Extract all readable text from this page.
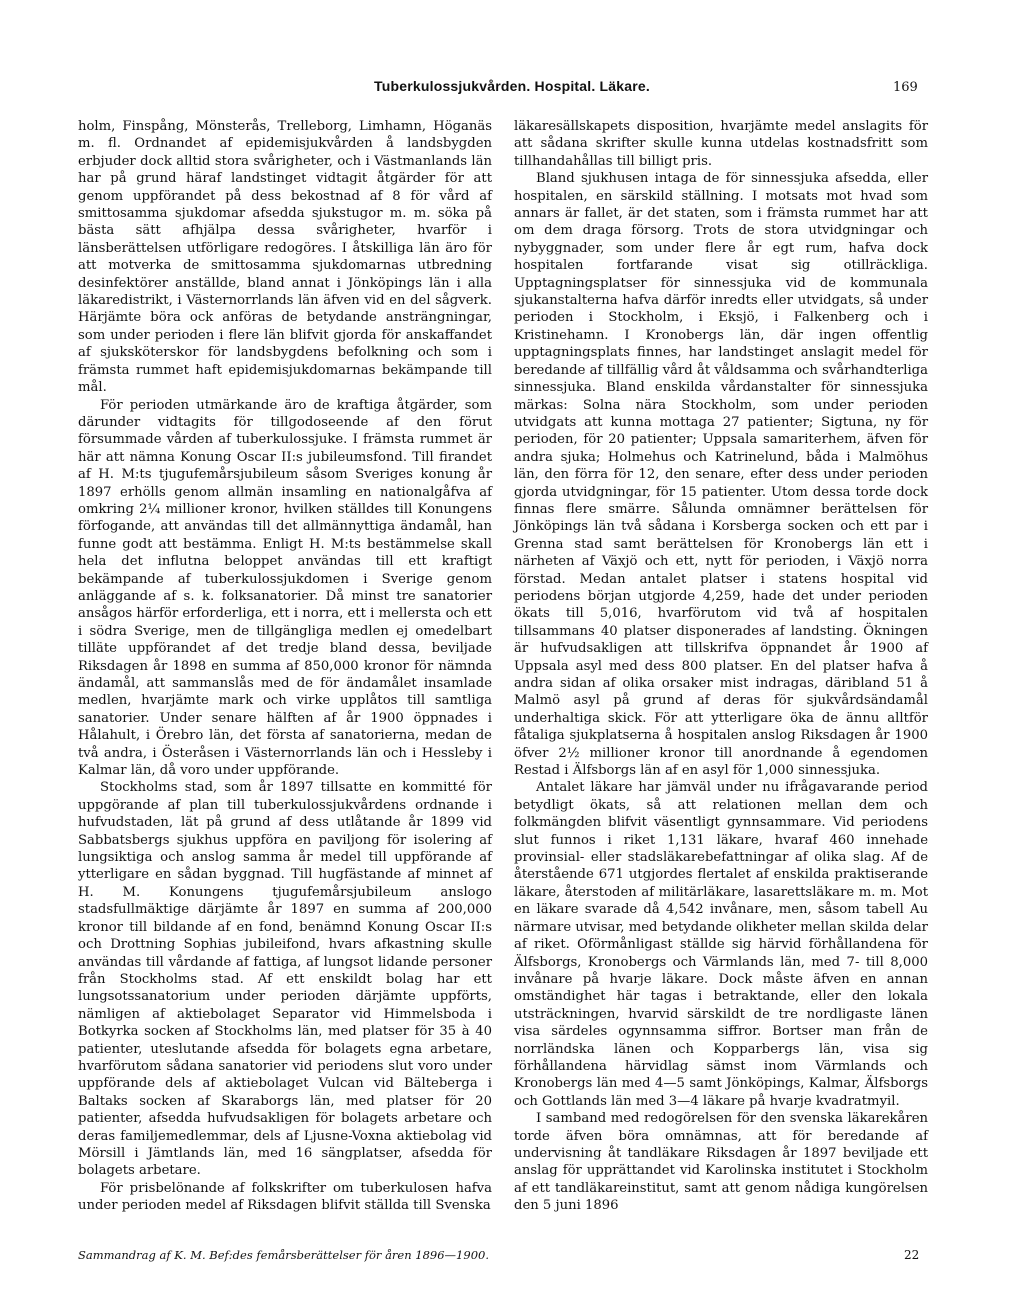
Tuberkulossjukvården. Hospital. Läkare.	169

holm, Finspång, Mönsterås, Trelleborg, Limhamn, Höganäs m. fl. Ordnandet af epidemisjukvården å landsbygden erbjuder dock alltid stora svårigheter, och i Västmanlands län har på grund häraf landstinget vidtagit åtgärder för att genom uppförandet på dess bekostnad af 8 för vård af smittosamma sjukdomar afsedda sjukstugor m. m. söka på bästa sätt afhjälpa dessa svårigheter, hvarför i länsberättelsen utförligare redogöres. I åtskilliga län äro för att motverka de smittosamma sjukdomarnas utbredning desinfektörer anställde, bland annat i Jönköpings län i alla läkaredistrikt, i Västernorrlands län äfven vid en del sågverk. Härjämte böra ock anföras de betydande ansträngningar, som under perioden i flere län blifvit gjorda för anskaffandet af sjuksköterskor för landsbygdens befolkning och som i främsta rummet haft epidemisjukdomarnas bekämpande till mål.

För perioden utmärkande äro de kraftiga åtgärder, som därunder vidtagits för tillgodoseende af den förut försummade vården af tuberkulossjuke. I främsta rummet är här att nämna Konung Oscar II:s jubileumsfond. Till firandet af H. M:ts tjugufemårsjubileum såsom Sveriges konung år 1897 erhölls genom allmän insamling en nationalgåfva af omkring 2¼ millioner kronor, hvilken ställdes till Konungens förfogande, att användas till det allmännyttiga ändamål, han funne godt att bestämma. Enligt H. M:ts bestämmelse skall hela det influtna beloppet användas till ett kraftigt bekämpande af tuberkulossjukdomen i Sverige genom anläggande af s. k. folksanatorier. Då minst tre sanatorier ansågos härför erforderliga, ett i norra, ett i mellersta och ett i södra Sverige, men de tillgängliga medlen ej omedelbart tilläte uppförandet af det tredje bland dessa, beviljade Riksdagen år 1898 en summa af 850,000 kronor för nämnda ändamål, att sammanslås med de för ändamålet insamlade medlen, hvarjämte mark och virke upplåtos till samtliga sanatorier. Under senare hälften af år 1900 öppnades i Hålahult, i Örebro län, det första af sanatorierna, medan de två andra, i Österåsen i Västernorrlands län och i Hessleby i Kalmar län, då voro under uppförande.

Stockholms stad, som år 1897 tillsatte en kommitté för uppgörande af plan till tuberkulossjukvårdens ordnande i hufvudstaden, lät på grund af dess utlåtande år 1899 vid Sabbatsbergs sjukhus uppföra en paviljong för isolering af lungsiktiga och anslog samma år medel till uppförande af ytterligare en sådan byggnad. Till hugfästande af minnet af H. M. Konungens tjugufemårsjubileum anslogo stadsfullmäktige därjämte år 1897 en summa af 200,000 kronor till bildande af en fond, benämnd Konung Oscar II:s och Drottning Sophias jubileifond, hvars afkastning skulle användas till vårdande af fattiga, af lungsot lidande personer från Stockholms stad. Af ett enskildt bolag har ett lungsotssanatorium under perioden därjämte uppförts, nämligen af aktiebolaget Separator vid Himmelsboda i Botkyrka socken af Stockholms län, med platser för 35 à 40 patienter, uteslutande afsedda för bolagets egna arbetare, hvarförutom sådana sanatorier vid periodens slut voro under uppförande dels af aktiebolaget Vulcan vid Bälteberga i Baltaks socken af Skaraborgs län, med platser för 20 patienter, afsedda hufvudsakligen för bolagets arbetare och deras familjemedlemmar, dels af Ljusne-Voxna aktiebolag vid Mörsill i Jämtlands län, med 16 sängplatser, afsedda för bolagets arbetare.

För prisbelönande af folkskrifter om tuberkulosen hafva under perioden medel af Riksdagen blifvit ställda till Svenska

läkaresällskapets disposition, hvarjämte medel anslagits för att sådana skrifter skulle kunna utdelas kostnadsfritt som tillhandahållas till billigt pris.

Bland sjukhusen intaga de för sinnessjuka afsedda, eller hospitalen, en särskild ställning. I motsats mot hvad som annars är fallet, är det staten, som i främsta rummet har att om dem draga försorg. Trots de stora utvidgningar och nybyggnader, som under flere år egt rum, hafva dock hospitalen fortfarande visat sig otillräckliga. Upptagningsplatser för sinnessjuka vid de kommunala sjukanstalterna hafva därför inredts eller utvidgats, så under perioden i Stockholm, i Eksjö, i Falkenberg och i Kristinehamn. I Kronobergs län, där ingen offentlig upptagningsplats finnes, har landstinget anslagit medel för beredande af tillfällig vård åt våldsamma och svårhandterliga sinnessjuka. Bland enskilda vårdanstalter för sinnessjuka märkas: Solna nära Stockholm, som under perioden utvidgats att kunna mottaga 27 patienter; Sigtuna, ny för perioden, för 20 patienter; Uppsala samariterhem, äfven för andra sjuka; Holmehus och Katrinelund, båda i Malmöhus län, den förra för 12, den senare, efter dess under perioden gjorda utvidgningar, för 15 patienter. Utom dessa torde dock finnas flere smärre. Sålunda omnämner berättelsen för Jönköpings län två sådana i Korsberga socken och ett par i Grenna stad samt berättelsen för Kronobergs län ett i närheten af Växjö och ett, nytt för perioden, i Växjö norra förstad. Medan antalet platser i statens hospital vid periodens början utgjorde 4,259, hade det under perioden ökats till 5,016, hvarförutom vid två af hospitalen tillsammans 40 platser disponerades af landsting. Ökningen är hufvudsakligen att tillskrifva öppnandet år 1900 af Uppsala asyl med dess 800 platser. En del platser hafva å andra sidan af olika orsaker mist indragas, däribland 51 å Malmö asyl på grund af deras för sjukvårdsändamål underhaltiga skick. För att ytterligare öka de ännu alltför fåtaliga sjukplatserna å hospitalen anslog Riksdagen år 1900 öfver 2½ millioner kronor till anordnande å egendomen Restad i Älfsborgs län af en asyl för 1,000 sinnessjuka.

Antalet läkare har jämväl under nu ifrågavarande period betydligt ökats, så att relationen mellan dem och folkmängden blifvit väsentligt gynnsammare. Vid periodens slut funnos i riket 1,131 läkare, hvaraf 460 innehade provinsial- eller stadsläkarebefattningar af olika slag. Af de återstående 671 utgjordes flertalet af enskilda praktiserande läkare, återstoden af militärläkare, lasarettsläkare m. m. Mot en läkare svarade då 4,542 invånare, men, såsom tabell Au närmare utvisar, med betydande olikheter mellan skilda delar af riket. Oförmånligast ställde sig härvid förhållandena för Älfsborgs, Kronobergs och Värmlands län, med 7- till 8,000 invånare på hvarje läkare. Dock måste äfven en annan omständighet här tagas i betraktande, eller den lokala utsträckningen, hvarvid särskildt de tre nordligaste länen visa särdeles ogynnsamma siffror. Bortser man från de norrländska länen och Kopparbergs län, visa sig förhållandena härvidlag sämst inom Värmlands och Kronobergs län med 4—5 samt Jönköpings, Kalmar, Älfsborgs och Gottlands län med 3—4 läkare på hvarje kvadratmyil.

I samband med redogörelsen för den svenska läkarekåren torde äfven böra omnämnas, att för beredande af undervisning åt tandläkare Riksdagen år 1897 beviljade ett anslag för upprättandet vid Karolinska institutet i Stockholm af ett tandläkareinstitut, samt att genom nådiga kungörelsen den 5 juni 1896

Sammandrag af K. M. Bef:des femårsberättelser för åren 1896—1900.	22
